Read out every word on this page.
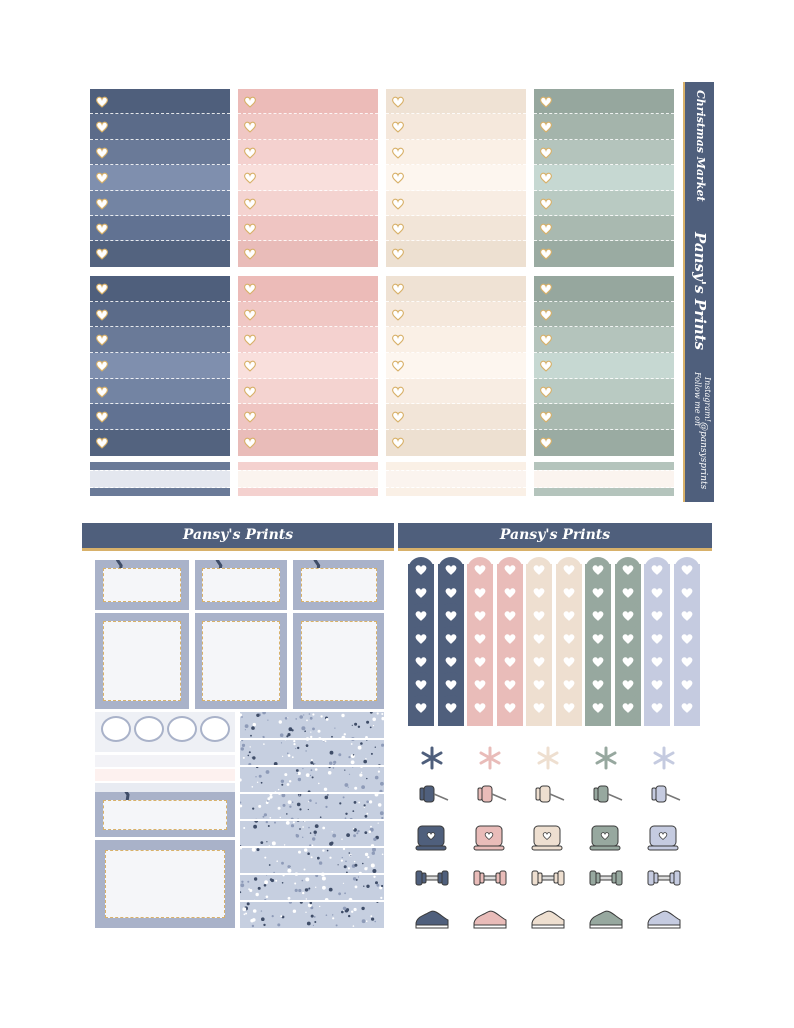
Christmas Market
Pansy's Prints
Follow me on Instagram!
@pansysprints
Pansy's Prints	Pansy's Prints
